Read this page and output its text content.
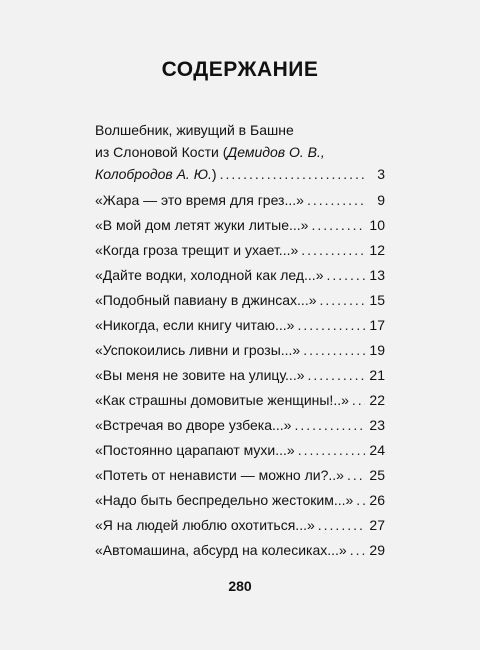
СОДЕРЖАНИЕ
Волшебник, живущий в Башне
из Слоновой Кости (Демидов О. В.,
Колобродов А. Ю.) .....	3
«Жара — это время для грез...» .....	9
«В мой дом летят жуки литые...» .....	10
«Когда гроза трещит и ухает...» .....	12
«Дайте водки, холодной как лед...» .....	13
«Подобный павиану в джинсах...» .....	15
«Никогда, если книгу читаю...» .....	17
«Успокоились ливни и грозы...» .....	19
«Вы меня не зовите на улицу...» .....	21
«Как страшны домовитые женщины!..» ..... 22
«Встречая во дворе узбека...» .....	23
«Постоянно царапают мухи...» .....	24
«Потеть от ненависти — можно ли?..» ..... 25
«Надо быть беспредельно жестоким...» ..... 26
«Я на людей люблю охотиться...» .....	27
«Автомашина, абсурд на колесиках...» ..... 29
280
